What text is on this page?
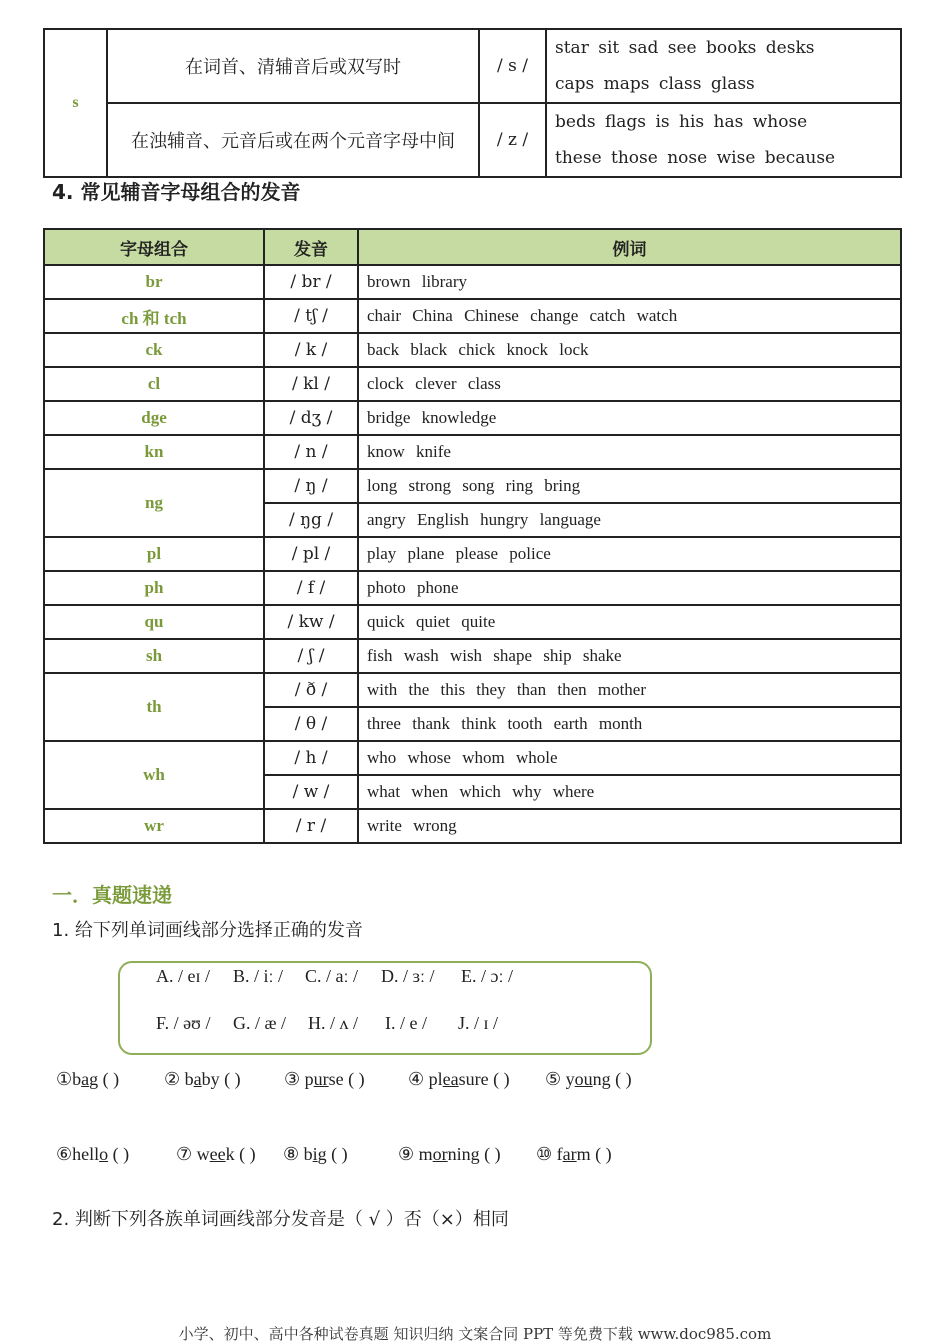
s	在词首、清辅音后或双写时	/ s /	star sit sad see books desks
caps maps class glass

	在浊辅音、元音后或在两个元音字母中间	/ z /	beds flags is his has whose
these those nose wise because
4. 常见辅音字母组合的发音
字母组合	发音	例词
br	/ br /	brown library
ch 和 tch	/ tʃ /	chair China Chinese change catch watch
ck	/ k /	back black chick knock lock
cl	/ kl /	clock clever class
dge	/ dʒ /	bridge knowledge
kn	/ n /	know knife
ng	/ ŋ /	long strong song ring bring
	/ ŋg /	angry English hungry language
pl	/ pl /	play plane please police
ph	/ f /	photo phone
qu	/ kw /	quick quiet quite
sh	/ ʃ /	fish wash wish shape ship shake
th	/ ð /	with the this they than then mother
	/ θ /	three thank think tooth earth month
wh	/ h /	who whose whom whole
	/ w /	what when which why where
wr	/ r /	write wrong
一．真题速递
1. 给下列单词画线部分选择正确的发音
A. / eɪ / B. / iː / C. / aː / D. / ɜː / E. / ɔː /
F. / əʊ / G. / æ / H. / ʌ / I. / e / J. / ɪ /
①bag ( ) ② baby ( ) ③ purse ( ) ④ pleasure ( ) ⑤ young ( )
⑥hello ( )	⑦ week ( ) ⑧ big ( )	⑨ morning ( ) ⑩ farm ( )
2. 判断下列各族单词画线部分发音是（ √ ）否（×）相同
小学、初中、高中各种试卷真题 知识归纳 文案合同 PPT 等免费下载 www.doc985.com
